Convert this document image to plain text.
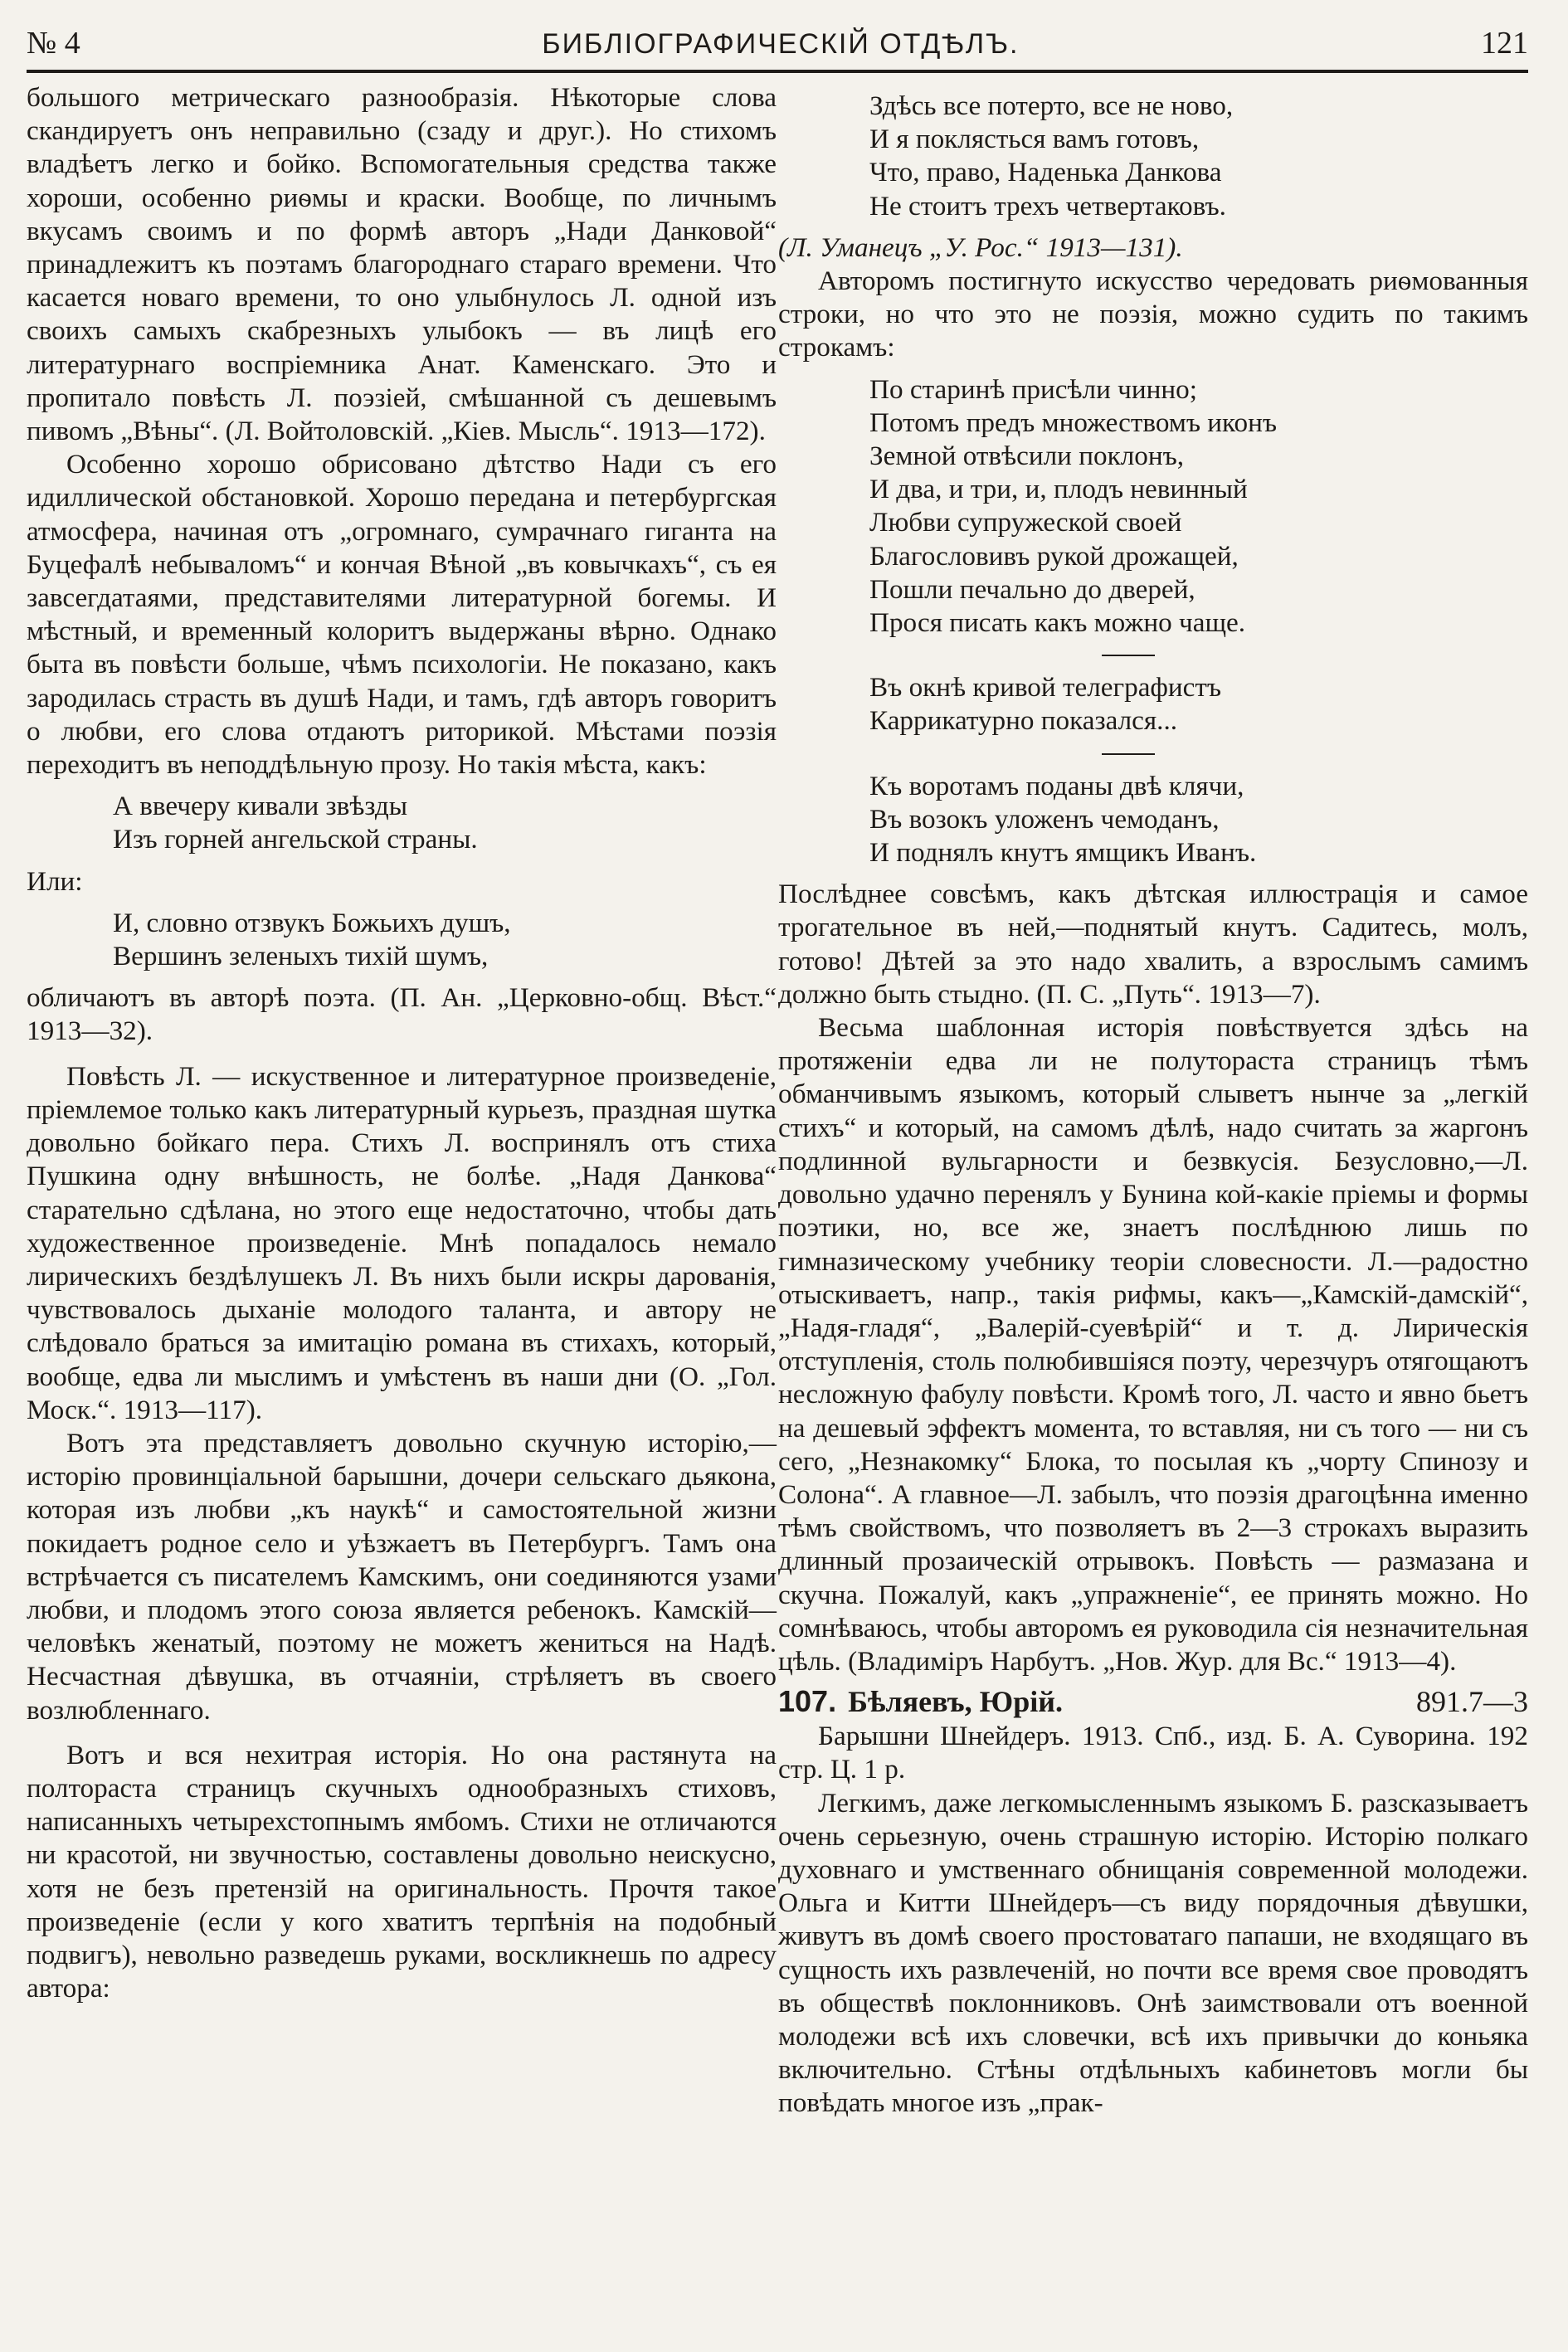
№ 4	БИБЛІОГРАФИЧЕСКІЙ ОТДѢЛЪ.	121

большого метрическаго разнообразія. Нѣкоторые слова скандируетъ онъ неправильно (сзаду и друг.). Но стихомъ владѣетъ легко и бойко. Вспомогательныя средства также хороши, особенно риѳмы и краски. Вообще, по личнымъ вкусамъ своимъ и по формѣ авторъ „Нади Данковой“ принадлежитъ къ поэтамъ благороднаго стараго времени. Что касается новаго времени, то оно улыбнулось Л. одной изъ своихъ самыхъ скабрезныхъ улыбокъ — въ лицѣ его литературнаго воспріемника Анат. Каменскаго. Это и пропитало повѣсть Л. поэзіей, смѣшанной съ дешевымъ пивомъ „Вѣны“. (Л. Войтоловскій. „Кіев. Мысль“. 1913—172).

Особенно хорошо обрисовано дѣтство Нади съ его идиллической обстановкой. Хорошо передана и петербургская атмосфера, начиная отъ „огромнаго, сумрачнаго гиганта на Буцефалѣ небываломъ“ и кончая Вѣной „въ ковычкахъ“, съ ея завсегдатаями, представителями литературной богемы. И мѣстный, и временный колоритъ выдержаны вѣрно. Однако быта въ повѣсти больше, чѣмъ психологіи. Не показано, какъ зародилась страсть въ душѣ Нади, и тамъ, гдѣ авторъ говоритъ о любви, его слова отдаютъ риторикой. Мѣстами поэзія переходитъ въ неподдѣльную прозу. Но такія мѣста, какъ:

А ввечеру кивали звѣзды
Изъ горней ангельской страны.

Или:

И, словно отзвукъ Божьихъ душъ,
Вершинъ зеленыхъ тихій шумъ,

обличаютъ въ авторѣ поэта. (П. Ан. „Церковно-общ. Вѣст.“ 1913—32).

Повѣсть Л. — искуственное и литературное произведеніе, пріемлемое только какъ литературный курьезъ, праздная шутка довольно бойкаго пера. Стихъ Л. воспринялъ отъ стиха Пушкина одну внѣшность, не болѣе. „Надя Данкова“ старательно сдѣлана, но этого еще недостаточно, чтобы дать художественное произведеніе. Мнѣ попадалось немало лирическихъ бездѣлушекъ Л. Въ нихъ были искры дарованія, чувствовалось дыханіе молодого таланта, и автору не слѣдовало браться за имитацію романа въ стихахъ, который, вообще, едва ли мыслимъ и умѣстенъ въ наши дни (О. „Гол. Моск.“. 1913—117).

Вотъ эта представляетъ довольно скучную исторію,—исторію провинціальной барышни, дочери сельскаго дьякона, которая изъ любви „къ наукѣ“ и самостоятельной жизни покидаетъ родное село и уѣзжаетъ въ Петербургъ. Тамъ она встрѣчается съ писателемъ Камскимъ, они соединяются узами любви, и плодомъ этого союза является ребенокъ. Камскій—человѣкъ женатый, поэтому не можетъ жениться на Надѣ. Несчастная дѣвушка, въ отчаяніи, стрѣляетъ въ своего возлюбленнаго.

Вотъ и вся нехитрая исторія. Но она растянута на полтораста страницъ скучныхъ однообразныхъ стиховъ, написанныхъ четырехстопнымъ ямбомъ. Стихи не отличаются ни красотой, ни звучностью, составлены довольно неискусно, хотя не безъ претензій на оригинальность. Прочтя такое произведеніе (если у кого хватитъ терпѣнія на подобный подвигъ), невольно разведешь руками, воскликнешь по адресу автора:

Здѣсь все потерто, все не ново,
И я поклясться вамъ готовъ,
Что, право, Наденька Данкова
Не стоитъ трехъ четвертаковъ.

(Л. Уманецъ „У. Рос.“ 1913—131).

Авторомъ постигнуто искусство чередовать риѳмованныя строки, но что это не поэзія, можно судить по такимъ строкамъ:

По старинѣ присѣли чинно;
Потомъ предъ множествомъ иконъ
Земной отвѣсили поклонъ,
И два, и три, и, плодъ невинный
Любви супружеской своей
Благословивъ рукой дрожащей,
Пошли печально до дверей,
Прося писать какъ можно чаще.
Въ окнѣ кривой телеграфистъ
Каррикатурно показался...
Къ воротамъ поданы двѣ клячи,
Въ возокъ уложенъ чемоданъ,
И поднялъ кнутъ ямщикъ Иванъ.

Послѣднее совсѣмъ, какъ дѣтская иллюстрація и самое трогательное въ ней,—поднятый кнутъ. Садитесь, молъ, готово! Дѣтей за это надо хвалить, а взрослымъ самимъ должно быть стыдно. (П. С. „Путь“. 1913—7).

Весьма шаблонная исторія повѣствуется здѣсь на протяженіи едва ли не полутораста страницъ тѣмъ обманчивымъ языкомъ, который слыветъ нынче за „легкій стихъ“ и который, на самомъ дѣлѣ, надо считать за жаргонъ подлинной вульгарности и безвкусія. Безусловно,—Л. довольно удачно перенялъ у Бунина кой-какіе пріемы и формы поэтики, но, все же, знаетъ послѣднюю лишь по гимназическому учебнику теоріи словесности. Л.—радостно отыскиваетъ, напр., такія рифмы, какъ—„Камскій-дамскій“, „Надя-гладя“, „Валерій-суевѣрій“ и т. д. Лирическія отступленія, столь полюбившіяся поэту, черезчуръ отягощаютъ несложную фабулу повѣсти. Кромѣ того, Л. часто и явно бьетъ на дешевый эффектъ момента, то вставляя, ни съ того — ни съ сего, „Незнакомку“ Блока, то посылая къ „чорту Спинозу и Солона“. А главное—Л. забылъ, что поэзія драгоцѣнна именно тѣмъ свойствомъ, что позволяетъ въ 2—3 строкахъ выразить длинный прозаическій отрывокъ. Повѣсть — размазана и скучна. Пожалуй, какъ „упражненіе“, ее принять можно. Но сомнѣваюсь, чтобы авторомъ ея руководила сія незначительная цѣль. (Владиміръ Нарбутъ. „Нов. Жур. для Вс.“ 1913—4).

107. Бѣляевъ, Юрій.	891.7—3

Барышни Шнейдеръ. 1913. Спб., изд. Б. А. Суворина. 192 стр. Ц. 1 р.

Легкимъ, даже легкомысленнымъ языкомъ Б. разсказываетъ очень серьезную, очень страшную исторію. Исторію полкаго духовнаго и умственнаго обнищанія современной молодежи. Ольга и Китти Шнейдеръ—съ виду порядочныя дѣвушки, живутъ въ домѣ своего простоватаго папаши, не входящаго въ сущность ихъ развлеченій, но почти все время свое проводятъ въ обществѣ поклонниковъ. Онѣ заимствовали отъ военной молодежи всѣ ихъ словечки, всѣ ихъ привычки до коньяка включительно. Стѣны отдѣльныхъ кабинетовъ могли бы повѣдать многое изъ „прак-
